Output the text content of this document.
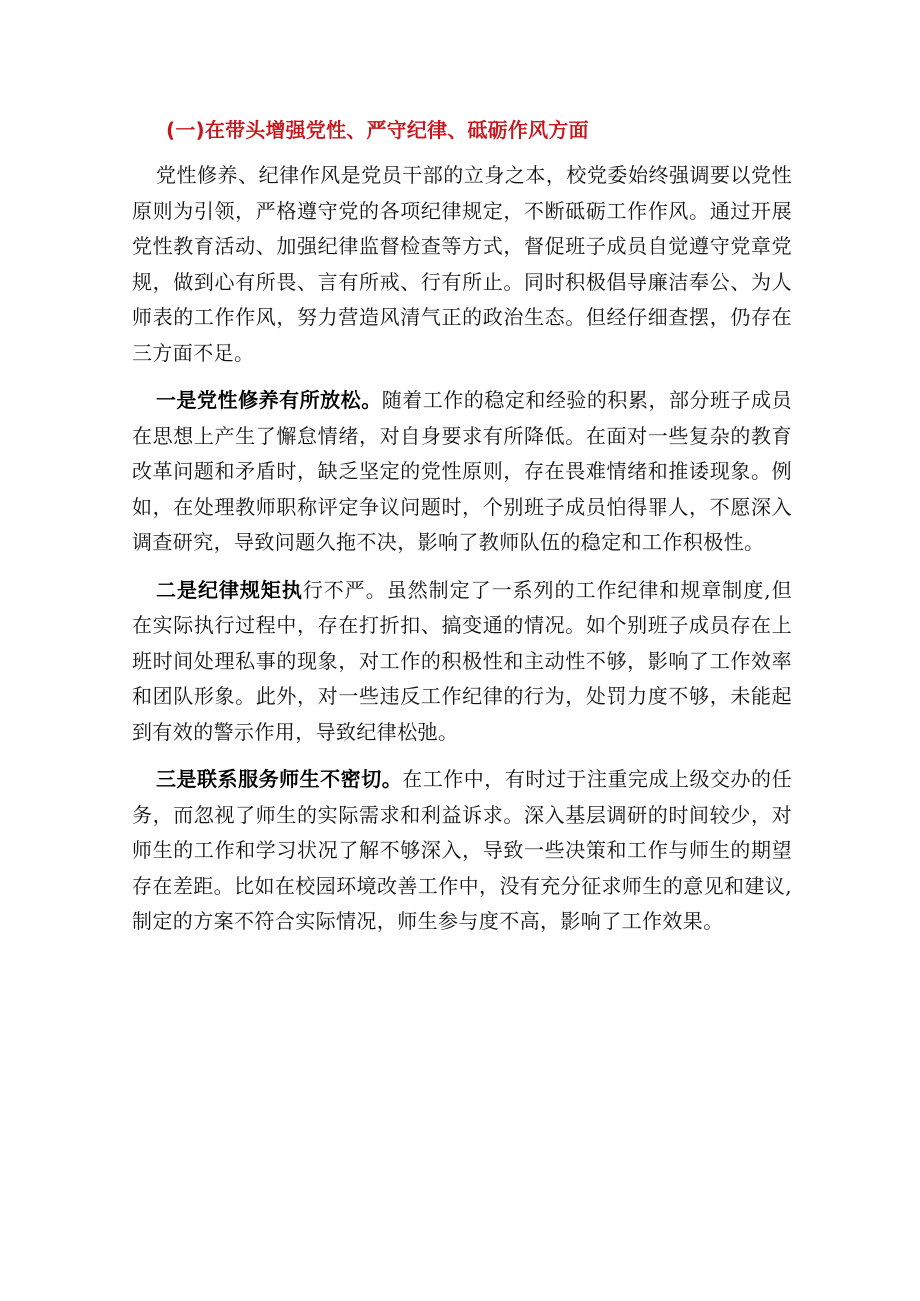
(一)在带头增强党性、严守纪律、砥砺作风方面

党性修养、纪律作风是党员干部的立身之本，校党委始终强调要以党性原则为引领，严格遵守党的各项纪律规定，不断砥砺工作作风。通过开展党性教育活动、加强纪律监督检查等方式，督促班子成员自觉遵守党章党规，做到心有所畏、言有所戒、行有所止。同时积极倡导廉洁奉公、为人师表的工作作风，努力营造风清气正的政治生态。但经仔细查摆，仍存在三方面不足。

一是党性修养有所放松。随着工作的稳定和经验的积累，部分班子成员在思想上产生了懈怠情绪，对自身要求有所降低。在面对一些复杂的教育改革问题和矛盾时，缺乏坚定的党性原则，存在畏难情绪和推诿现象。例如，在处理教师职称评定争议问题时，个别班子成员怕得罪人，不愿深入调查研究，导致问题久拖不决，影响了教师队伍的稳定和工作积极性。

二是纪律规矩执行不严。虽然制定了一系列的工作纪律和规章制度,但在实际执行过程中，存在打折扣、搞变通的情况。如个别班子成员存在上班时间处理私事的现象，对工作的积极性和主动性不够，影响了工作效率和团队形象。此外，对一些违反工作纪律的行为，处罚力度不够，未能起到有效的警示作用，导致纪律松弛。

三是联系服务师生不密切。在工作中，有时过于注重完成上级交办的任务，而忽视了师生的实际需求和利益诉求。深入基层调研的时间较少，对师生的工作和学习状况了解不够深入，导致一些决策和工作与师生的期望存在差距。比如在校园环境改善工作中，没有充分征求师生的意见和建议,制定的方案不符合实际情况，师生参与度不高，影响了工作效果。
